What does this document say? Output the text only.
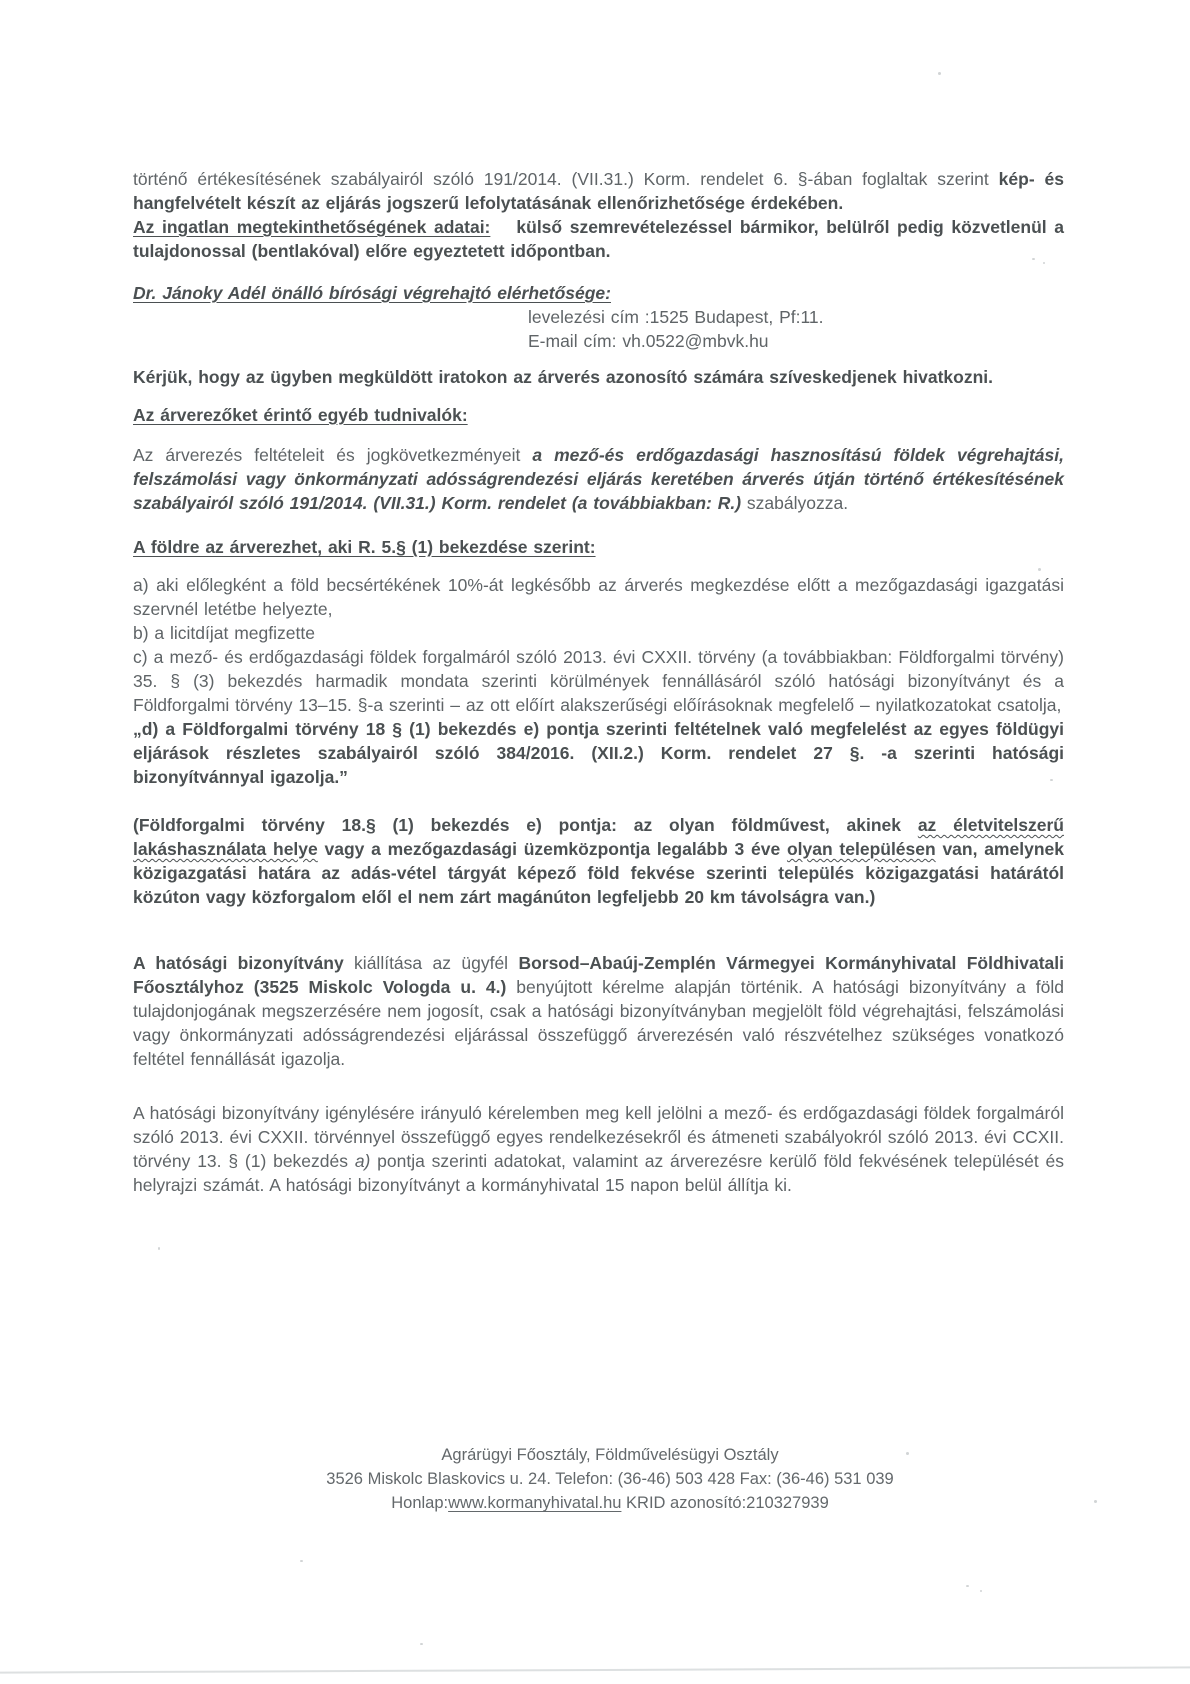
történő értékesítésének szabályairól szóló 191/2014. (VII.31.) Korm. rendelet 6. §-ában foglaltak szerint kép- és hangfelvételt készít az eljárás jogszerű lefolytatásának ellenőrizhetősége érdekében.

Az ingatlan megtekinthetőségének adatai: külső szemrevételezéssel bármikor, belülről pedig közvetlenül a tulajdonossal (bentlakóval) előre egyeztetett időpontban.

Dr. Jánoky Adél önálló bírósági végrehajtó elérhetősége:

levelezési cím :1525 Budapest, Pf:11.

E-mail cím: vh.0522@mbvk.hu

Kérjük, hogy az ügyben megküldött iratokon az árverés azonosító számára szíveskedjenek hivatkozni.

Az árverezőket érintő egyéb tudnivalók:

Az árverezés feltételeit és jogkövetkezményeit a mező-és erdőgazdasági hasznosítású földek végrehajtási, felszámolási vagy önkormányzati adósságrendezési eljárás keretében árverés útján történő értékesítésének szabályairól szóló 191/2014. (VII.31.) Korm. rendelet (a továbbiakban: R.) szabályozza.

A földre az árverezhet, aki R. 5.§ (1) bekezdése szerint:

a) aki előlegként a föld becsértékének 10%-át legkésőbb az árverés megkezdése előtt a mezőgazdasági igazgatási szervnél letétbe helyezte,

b) a licitdíjat megfizette

c) a mező- és erdőgazdasági földek forgalmáról szóló 2013. évi CXXII. törvény (a továbbiakban: Földforgalmi törvény) 35. § (3) bekezdés harmadik mondata szerinti körülmények fennállásáról szóló hatósági bizonyítványt és a Földforgalmi törvény 13–15. §-a szerinti – az ott előírt alakszerűségi előírásoknak megfelelő – nyilatkozatokat csatolja,

„d) a Földforgalmi törvény 18 § (1) bekezdés e) pontja szerinti feltételnek való megfelelést az egyes földügyi eljárások részletes szabályairól szóló 384/2016. (XII.2.) Korm. rendelet 27 §. -a szerinti hatósági bizonyítvánnyal igazolja.”

(Földforgalmi törvény 18.§ (1) bekezdés e) pontja: az olyan földművest, akinek az életvitelszerű lakáshasználata helye vagy a mezőgazdasági üzemközpontja legalább 3 éve olyan településen van, amelynek közigazgatási határa az adás-vétel tárgyát képező föld fekvése szerinti település közigazgatási határától közúton vagy közforgalom elől el nem zárt magánúton legfeljebb 20 km távolságra van.)

A hatósági bizonyítvány kiállítása az ügyfél Borsod–Abaúj-Zemplén Vármegyei Kormányhivatal Földhivatali Főosztályhoz (3525 Miskolc Vologda u. 4.) benyújtott kérelme alapján történik. A hatósági bizonyítvány a föld tulajdonjogának megszerzésére nem jogosít, csak a hatósági bizonyítványban megjelölt föld végrehajtási, felszámolási vagy önkormányzati adósságrendezési eljárással összefüggő árverezésén való részvételhez szükséges vonatkozó feltétel fennállását igazolja.

A hatósági bizonyítvány igénylésére irányuló kérelemben meg kell jelölni a mező- és erdőgazdasági földek forgalmáról szóló 2013. évi CXXII. törvénnyel összefüggő egyes rendelkezésekről és átmeneti szabályokról szóló 2013. évi CCXII. törvény 13. § (1) bekezdés a) pontja szerinti adatokat, valamint az árverezésre kerülő föld fekvésének települését és helyrajzi számát. A hatósági bizonyítványt a kormányhivatal 15 napon belül állítja ki.

Agrárügyi Főosztály, Földművelésügyi Osztály
3526 Miskolc Blaskovics u. 24. Telefon: (36-46) 503 428 Fax: (36-46) 531 039
Honlap:www.kormanyhivatal.hu KRID azonosító:210327939
